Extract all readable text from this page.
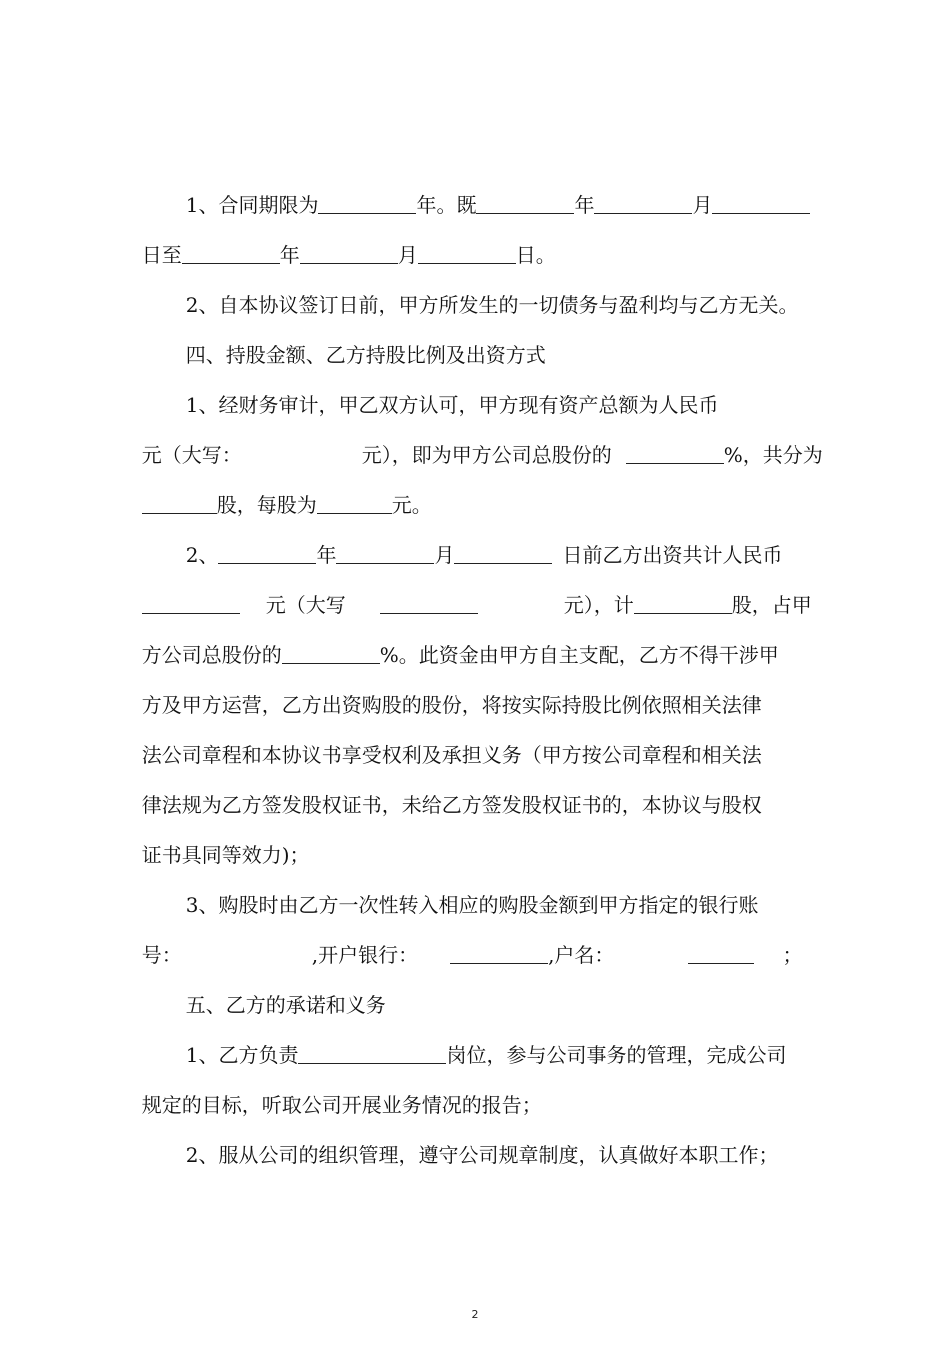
1、合同期限为	年。既	年	月

日至	年	月	日。

2、自本协议签订日前，甲方所发生的一切债务与盈利均与乙方无关。

四、持股金额、乙方持股比例及出资方式

1、经财务审计，甲乙双方认可，甲方现有资产总额为人民币

元（大写：	元），即为甲方公司总股份的	%，共分为

股，每股为	元。

2、	年	月	日前乙方出资共计人民币

元（大写	元），计	股，占甲

方公司总股份的	%。此资金由甲方自主支配，乙方不得干涉甲

方及甲方运营，乙方出资购股的股份，将按实际持股比例依照相关法律

法公司章程和本协议书享受权利及承担义务（甲方按公司章程和相关法

律法规为乙方签发股权证书，未给乙方签发股权证书的，本协议与股权

证书具同等效力)；

3、购股时由乙方一次性转入相应的购股金额到甲方指定的银行账

号：	,开户银行：	,户名：	；

五、乙方的承诺和义务

1、乙方负责	岗位，参与公司事务的管理，完成公司

规定的目标，听取公司开展业务情况的报告；

2、服从公司的组织管理，遵守公司规章制度，认真做好本职工作；

2
